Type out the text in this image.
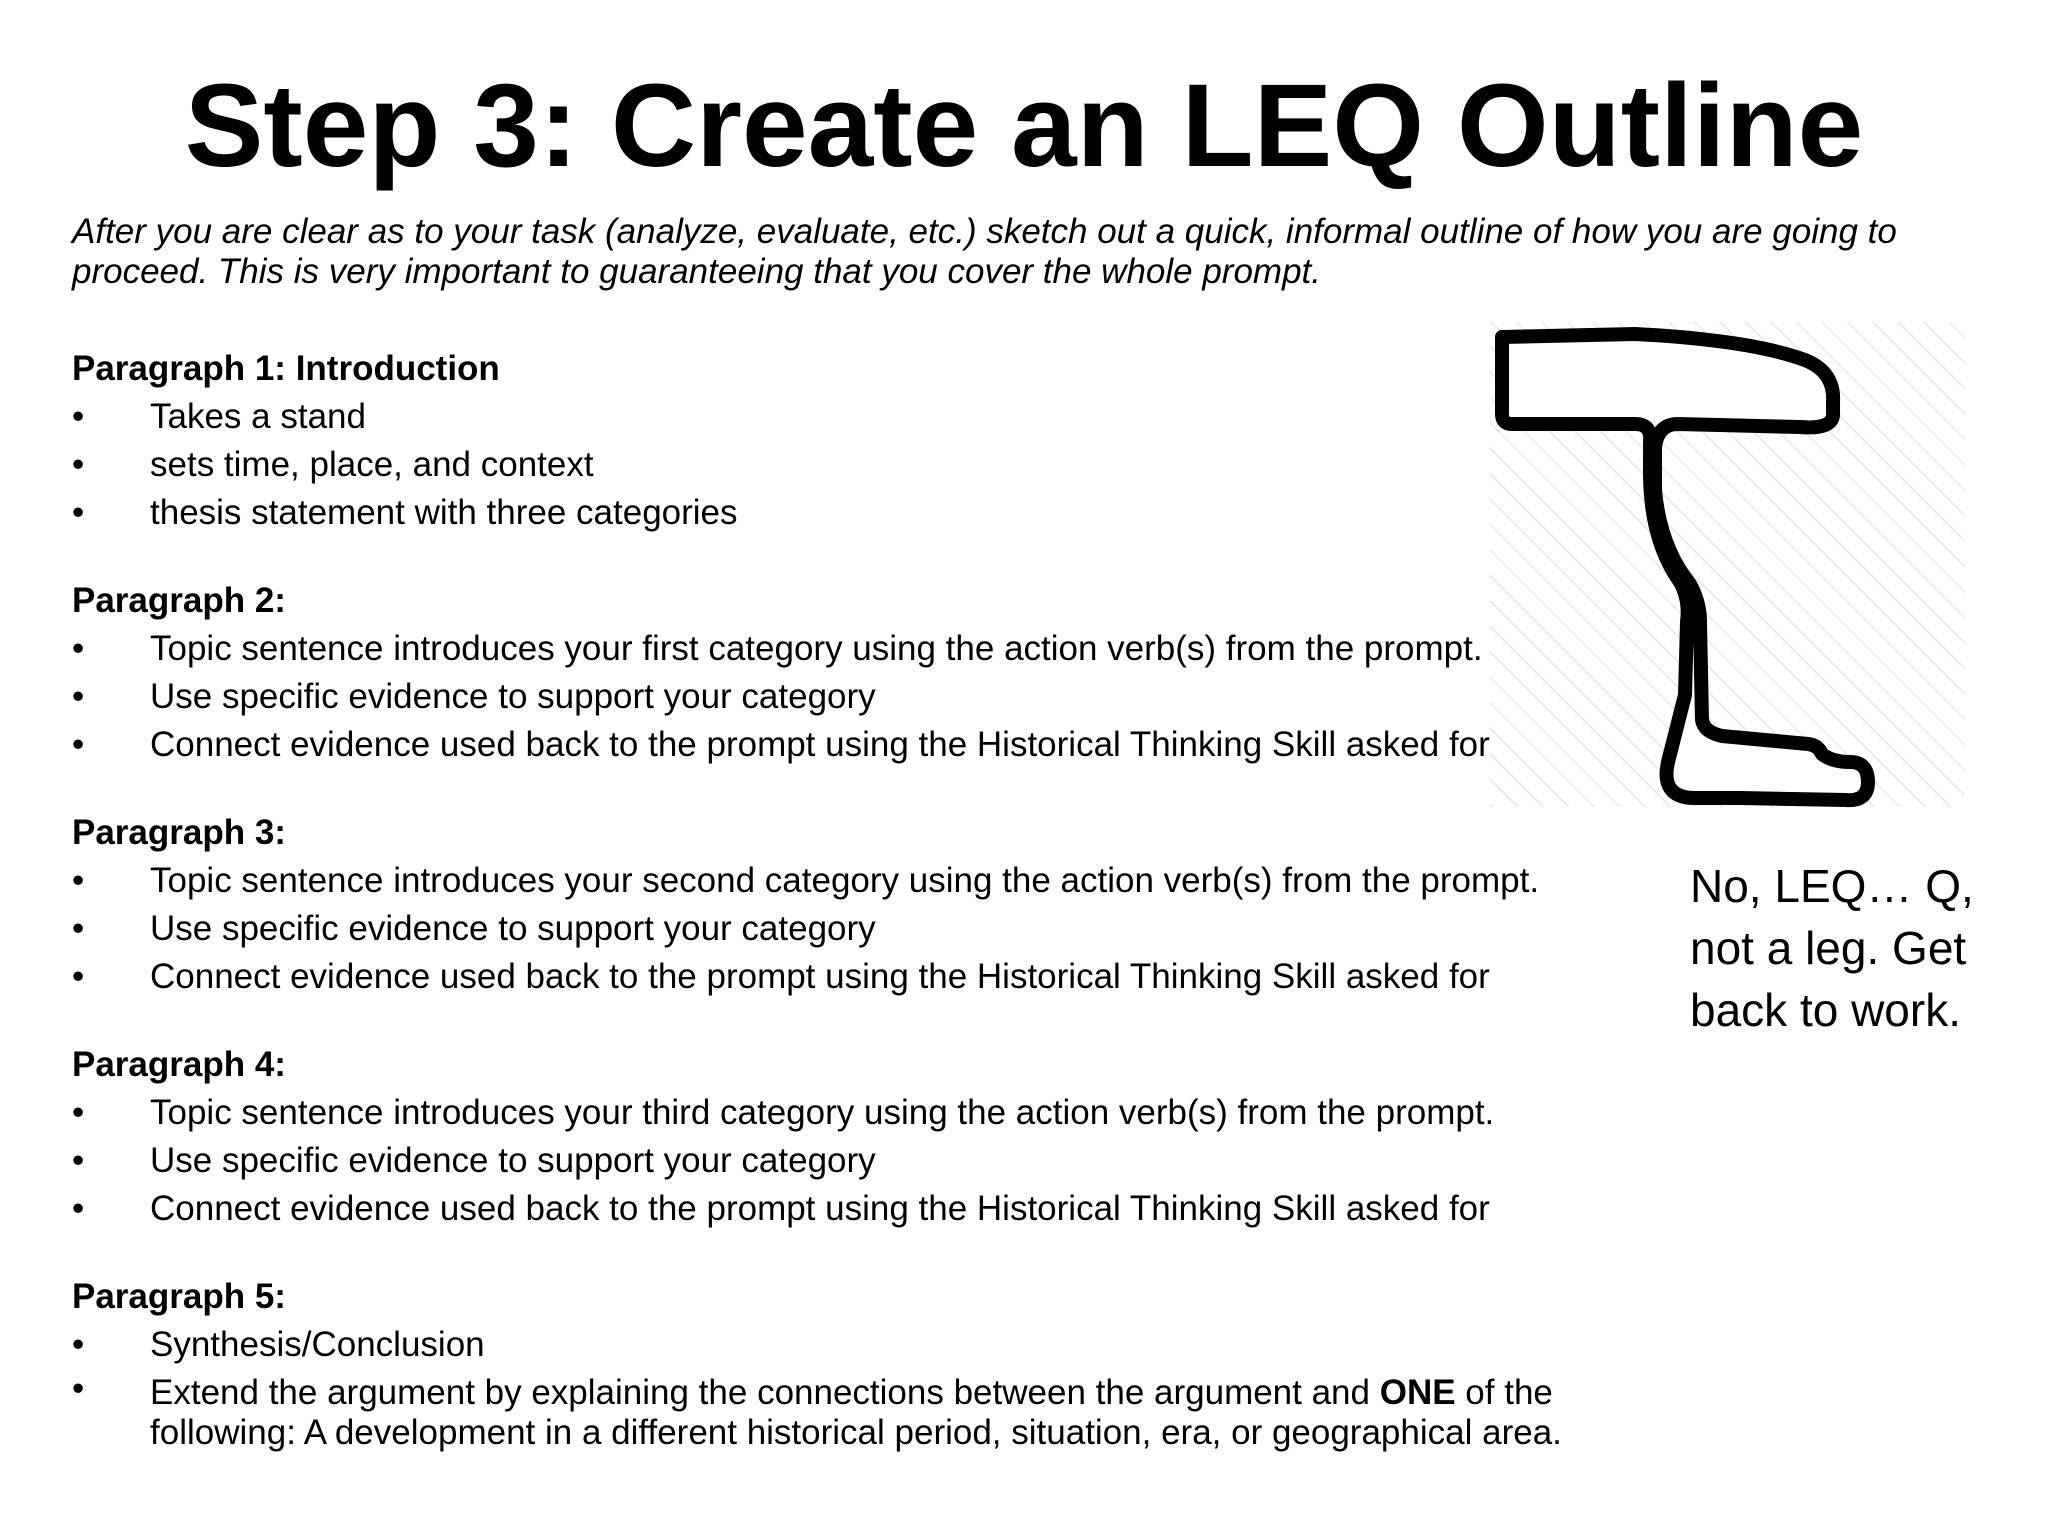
Step 3: Create an LEQ Outline
After you are clear as to your task (analyze, evaluate, etc.) sketch out a quick, informal outline of how you are going to proceed. This is very important to guaranteeing that you cover the whole prompt.
Paragraph 1: Introduction
• Takes a stand
• sets time, place, and context
• thesis statement with three categories
Paragraph 2:
• Topic sentence introduces your first category using the action verb(s) from the prompt.
• Use specific evidence to support your category
• Connect evidence used back to the prompt using the Historical Thinking Skill asked for
Paragraph 3:
• Topic sentence introduces your second category using the action verb(s) from the prompt.
• Use specific evidence to support your category
• Connect evidence used back to the prompt using the Historical Thinking Skill asked for
Paragraph 4:
• Topic sentence introduces your third category using the action verb(s) from the prompt.
• Use specific evidence to support your category
• Connect evidence used back to the prompt using the Historical Thinking Skill asked for
Paragraph 5:
• Synthesis/Conclusion
• Extend the argument by explaining the connections between the argument and ONE of the following: A development in a different historical period, situation, era, or geographical area.
No, LEQ… Q, not a leg. Get back to work.
